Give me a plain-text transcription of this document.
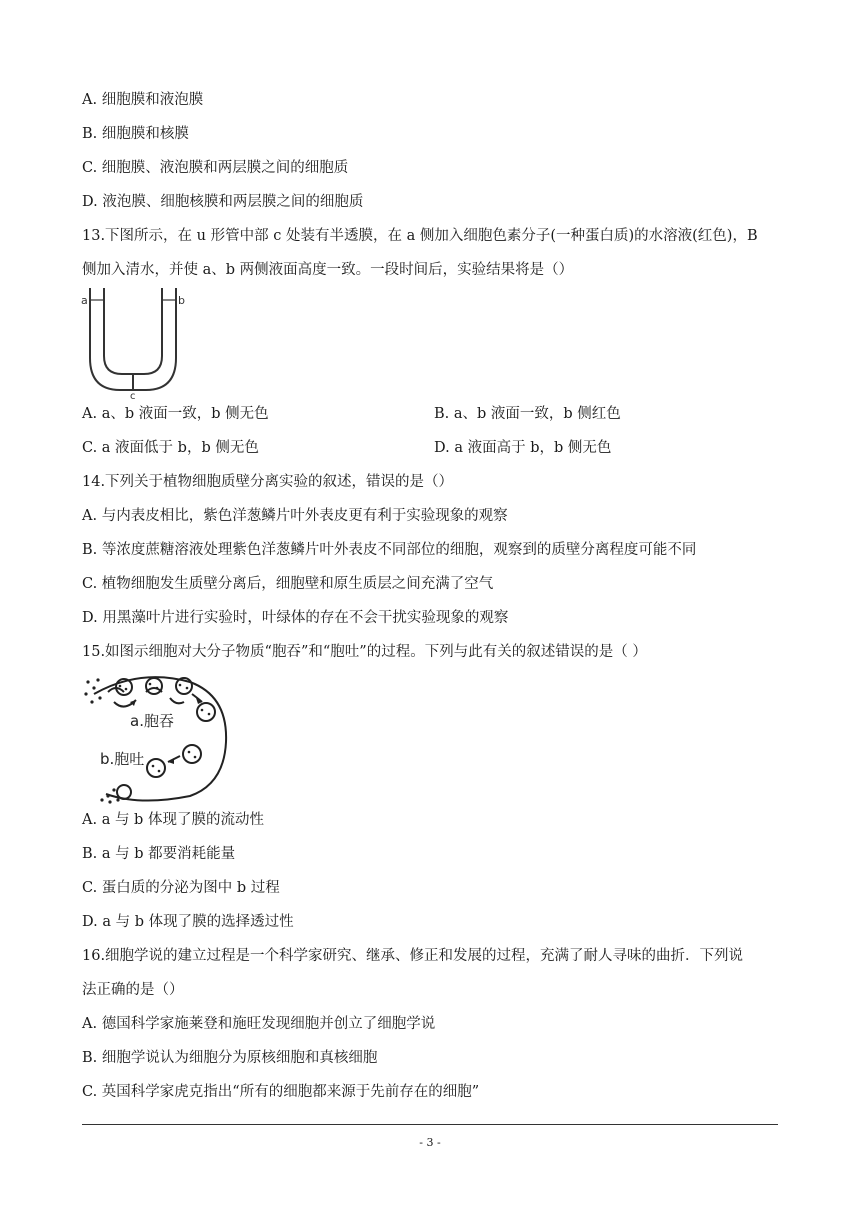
A. 细胞膜和液泡膜
B. 细胞膜和核膜
C. 细胞膜、液泡膜和两层膜之间的细胞质
D. 液泡膜、细胞核膜和两层膜之间的细胞质
13.下图所示，在 u 形管中部 c 处装有半透膜，在 a 侧加入细胞色素分子(一种蛋白质)的水溶液(红色)，B
侧加入清水，并使 a、b 两侧液面高度一致。一段时间后，实验结果将是（）
a	b
c
A. a、b 液面一致，b 侧无色	B. a、b 液面一致，b 侧红色
C. a 液面低于 b，b 侧无色	D. a 液面高于 b，b 侧无色
14.下列关于植物细胞质壁分离实验的叙述，错误的是（）
A. 与内表皮相比，紫色洋葱鳞片叶外表皮更有利于实验现象的观察
B. 等浓度蔗糖溶液处理紫色洋葱鳞片叶外表皮不同部位的细胞，观察到的质壁分离程度可能不同
C. 植物细胞发生质壁分离后，细胞壁和原生质层之间充满了空气
D. 用黑藻叶片进行实验时，叶绿体的存在不会干扰实验现象的观察
15.如图示细胞对大分子物质“胞吞”和“胞吐”的过程。下列与此有关的叙述错误的是（ ）
a.胞吞
b.胞吐
A. a 与 b 体现了膜的流动性
B. a 与 b 都要消耗能量
C. 蛋白质的分泌为图中 b 过程
D. a 与 b 体现了膜的选择透过性
16.细胞学说的建立过程是一个科学家研究、继承、修正和发展的过程，充满了耐人寻味的曲折．下列说
法正确的是（）
A. 德国科学家施莱登和施旺发现细胞并创立了细胞学说
B. 细胞学说认为细胞分为原核细胞和真核细胞
C. 英国科学家虎克指出“所有的细胞都来源于先前存在的细胞”
- 3 -
